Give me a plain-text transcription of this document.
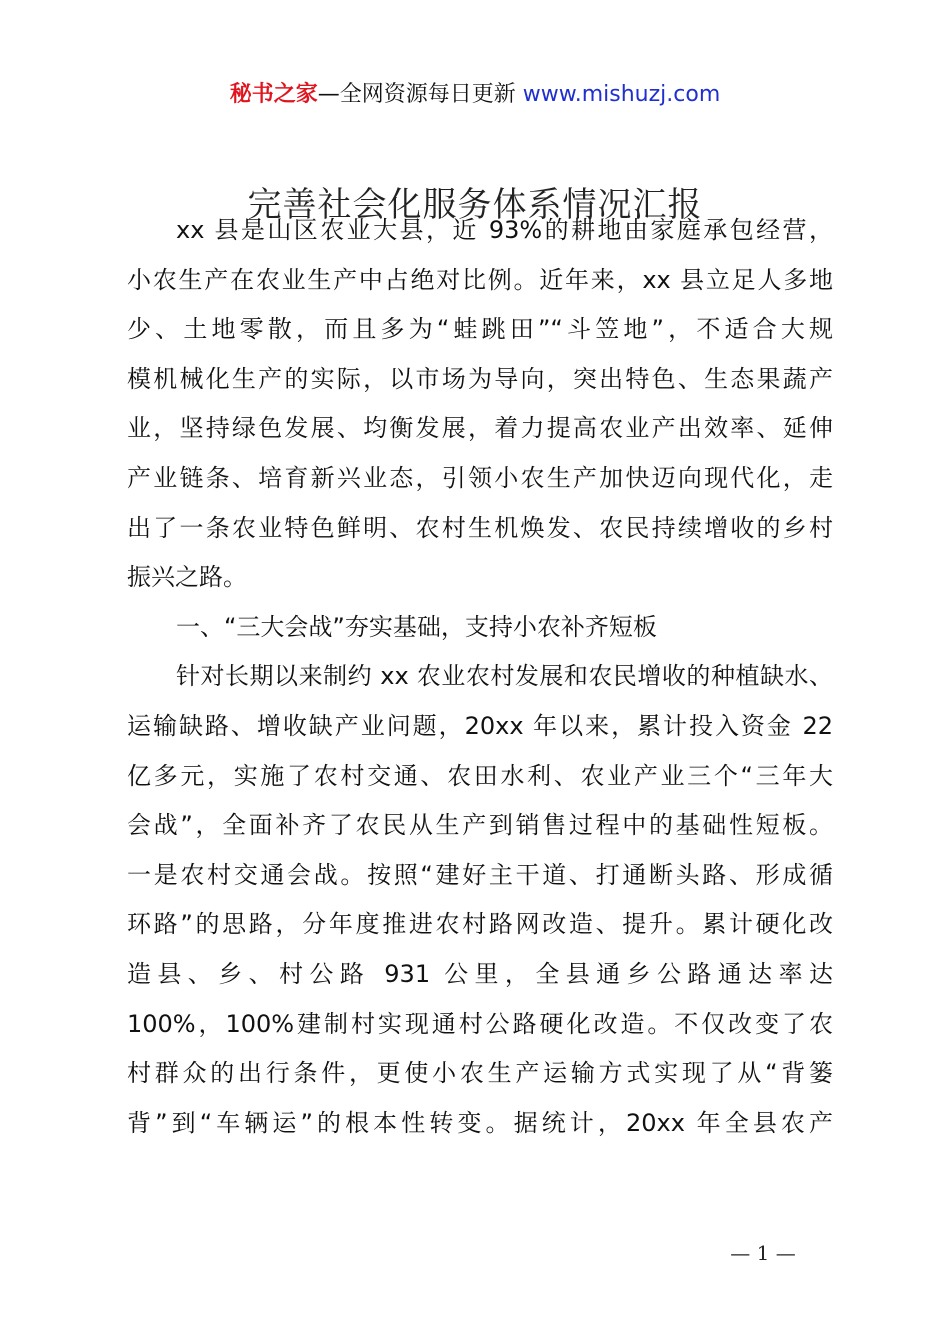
秘书之家—全网资源每日更新 www.mishuzj.com
完善社会化服务体系情况汇报
xx 县是山区农业大县，近 93%的耕地由家庭承包经营，
小农生产在农业生产中占绝对比例。近年来，xx 县立足人多地
少、土地零散，而且多为“蛙跳田”“斗笠地”，不适合大规
模机械化生产的实际，以市场为导向，突出特色、生态果蔬产
业，坚持绿色发展、均衡发展，着力提高农业产出效率、延伸
产业链条、培育新兴业态，引领小农生产加快迈向现代化，走
出了一条农业特色鲜明、农村生机焕发、农民持续增收的乡村
振兴之路。
一、“三大会战”夯实基础，支持小农补齐短板
针对长期以来制约 xx 农业农村发展和农民增收的种植缺水、
运输缺路、增收缺产业问题，20xx 年以来，累计投入资金 22
亿多元，实施了农村交通、农田水利、农业产业三个“三年大
会战”，全面补齐了农民从生产到销售过程中的基础性短板。
一是农村交通会战。按照“建好主干道、打通断头路、形成循
环路”的思路，分年度推进农村路网改造、提升。累计硬化改
造县、乡、村公路 931 公里，全县通乡公路通达率达
100%，100%建制村实现通村公路硬化改造。不仅改变了农
村群众的出行条件，更使小农生产运输方式实现了从“背篓
背”到“车辆运”的根本性转变。据统计，20xx 年全县农产
— 1 —
